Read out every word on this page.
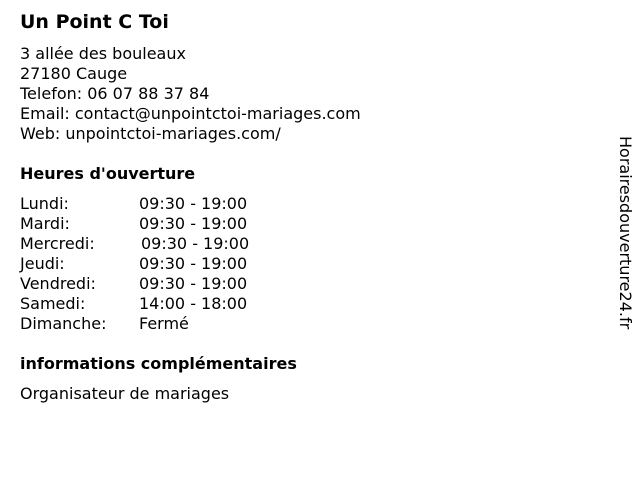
Un Point C Toi
3 allée des bouleaux
27180 Cauge
Telefon: 06 07 88 37 84
Email: contact@unpointctoi-mariages.com
Web: unpointctoi-mariages.com/
Heures d'ouverture
Lundi:	09:30 - 19:00
Mardi:	09:30 - 19:00
Mercredi:	09:30 - 19:00
Jeudi:	09:30 - 19:00
Vendredi:	09:30 - 19:00
Samedi:	14:00 - 18:00
Dimanche: Fermé
informations complémentaires
Organisateur de mariages
Horairesdouverture24.fr
